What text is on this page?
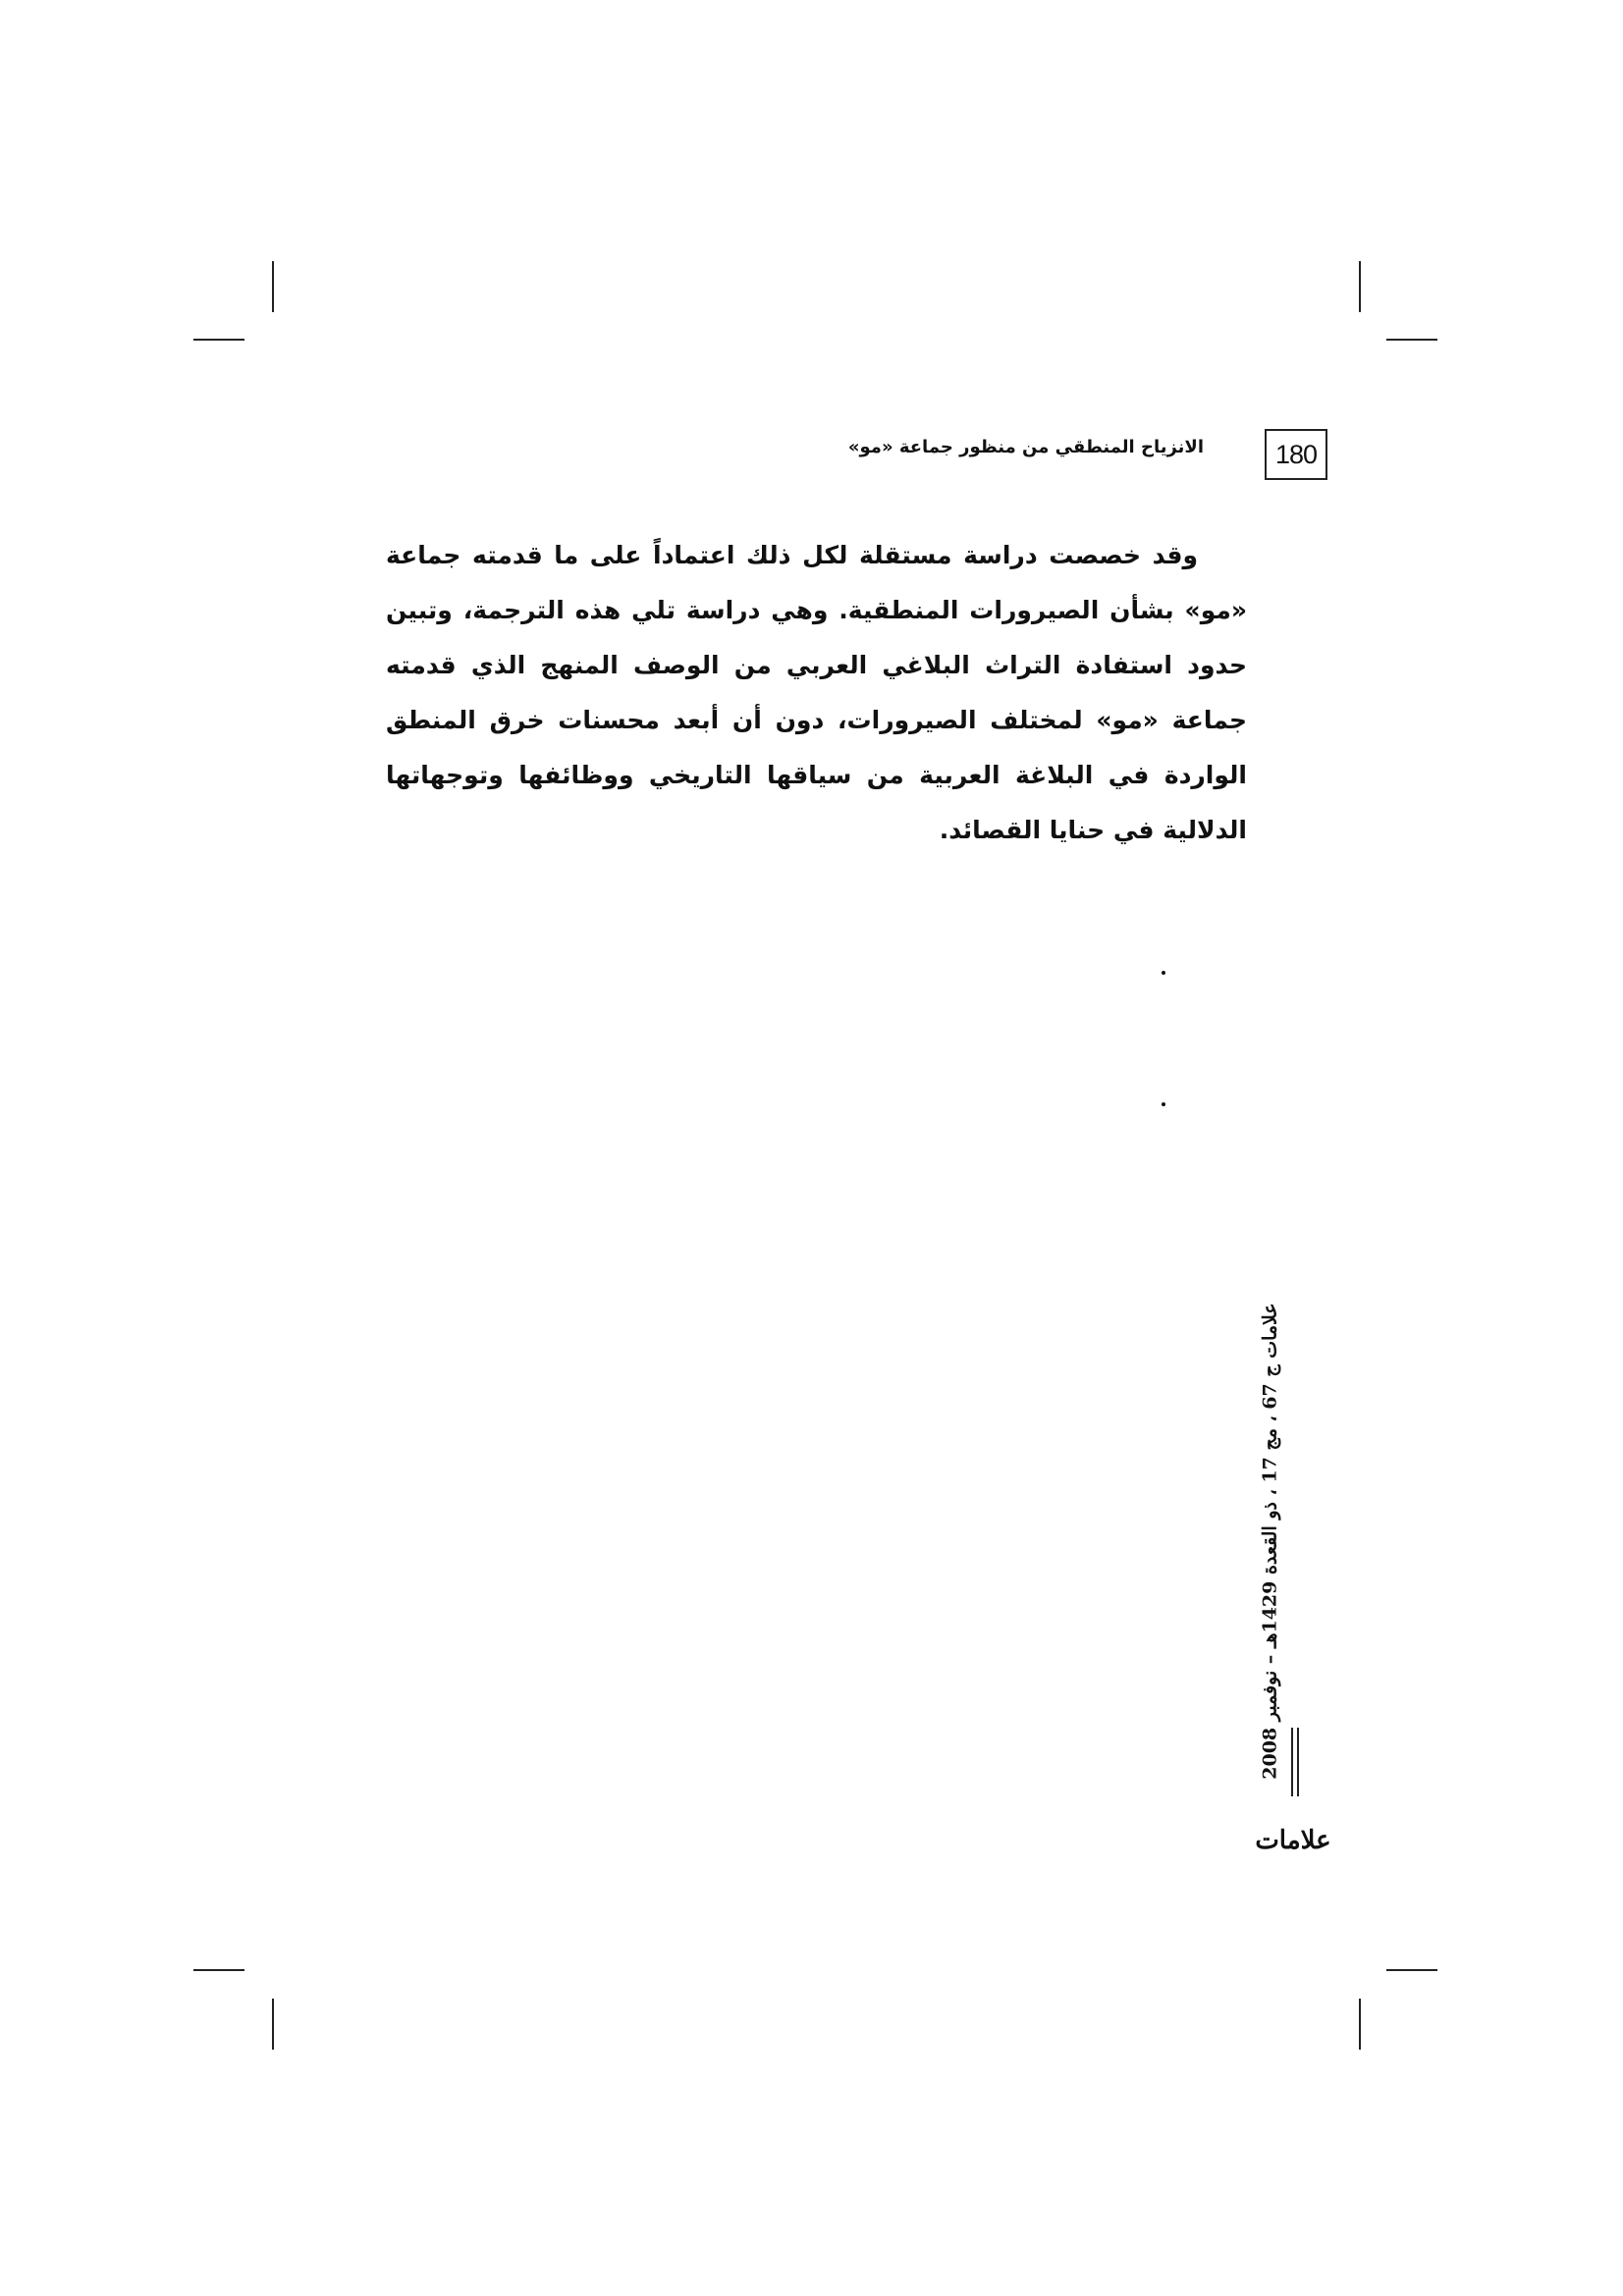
180
الانزياح المنطقي من منظور جماعة «مو»

وقد خصصت دراسة مستقلة لكل ذلك اعتماداً على ما قدمته جماعة «مو» بشأن الصيرورات المنطقية. وهي دراسة تلي هذه الترجمة، وتبين حدود استفادة التراث البلاغي العربي من الوصف المنهج الذي قدمته جماعة «مو» لمختلف الصيرورات، دون أن أبعد محسنات خرق المنطق الواردة في البلاغة العربية من سياقها التاريخي ووظائفها وتوجهاتها الدلالية في حنايا القصائد.

علامات ج 67 ، مج 17 ، ذو القعدة 1429هـ – نوفمبر 2008
علامات
